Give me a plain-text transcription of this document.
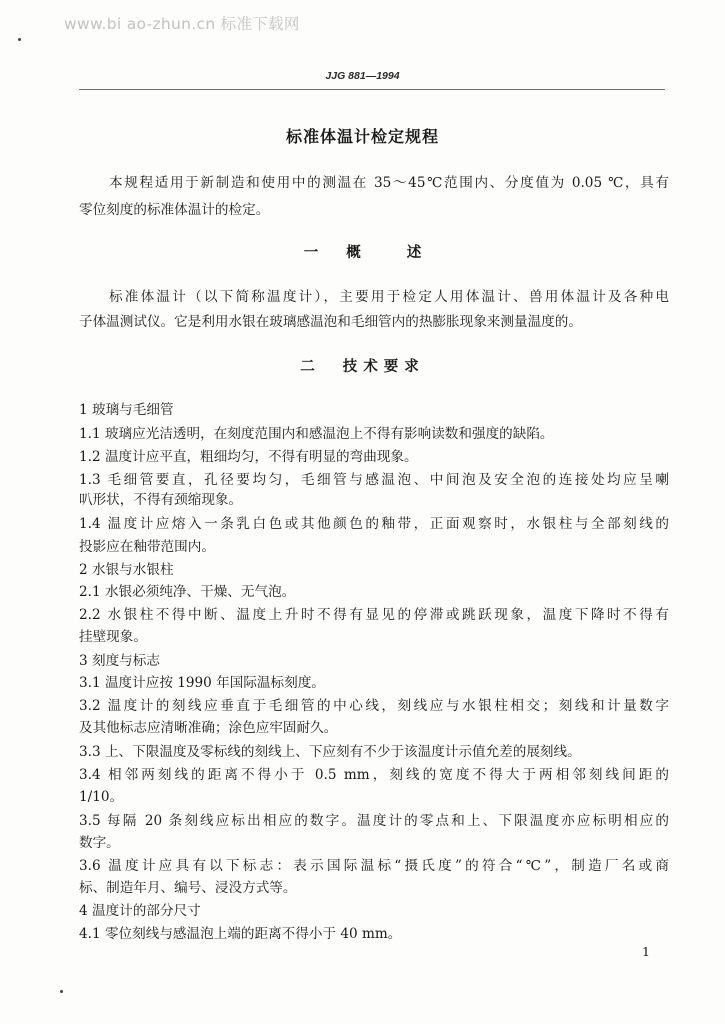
www.bi ao-zhun.cn 标准下载网
JJG 881—1994
标准体温计检定规程
本规程适用于新制造和使用中的测温在 35～45℃范围内、分度值为 0.05 ℃，具有
零位刻度的标准体温计的检定。
一 概述
标准体温计（以下简称温度计），主要用于检定人用体温计、兽用体温计及各种电
子体温测试仪。它是利用水银在玻璃感温泡和毛细管内的热膨胀现象来测量温度的。
二 技术要求
1 玻璃与毛细管
1.1 玻璃应光洁透明，在刻度范围内和感温泡上不得有影响读数和强度的缺陷。
1.2 温度计应平直，粗细均匀，不得有明显的弯曲现象。
1.3 毛细管要直，孔径要均匀，毛细管与感温泡、中间泡及安全泡的连接处均应呈喇
叭形状，不得有颈缩现象。
1.4 温度计应熔入一条乳白色或其他颜色的釉带，正面观察时，水银柱与全部刻线的
投影应在釉带范围内。
2 水银与水银柱
2.1 水银必须纯净、干燥、无气泡。
2.2 水银柱不得中断、温度上升时不得有显见的停滞或跳跃现象，温度下降时不得有
挂壁现象。
3 刻度与标志
3.1 温度计应按 1990 年国际温标刻度。
3.2 温度计的刻线应垂直于毛细管的中心线，刻线应与水银柱相交；刻线和计量数字
及其他标志应清晰准确；涂色应牢固耐久。
3.3 上、下限温度及零标线的刻线上、下应刻有不少于该温度计示值允差的展刻线。
3.4 相邻两刻线的距离不得小于 0.5 mm，刻线的宽度不得大于两相邻刻线间距的
1/10。
3.5 每隔 20 条刻线应标出相应的数字。温度计的零点和上、下限温度亦应标明相应的
数字。
3.6 温度计应具有以下标志：表示国际温标“摄氏度”的符合“℃”，制造厂名或商
标、制造年月、编号、浸没方式等。
4 温度计的部分尺寸
4.1 零位刻线与感温泡上端的距离不得小于 40 mm。
1
